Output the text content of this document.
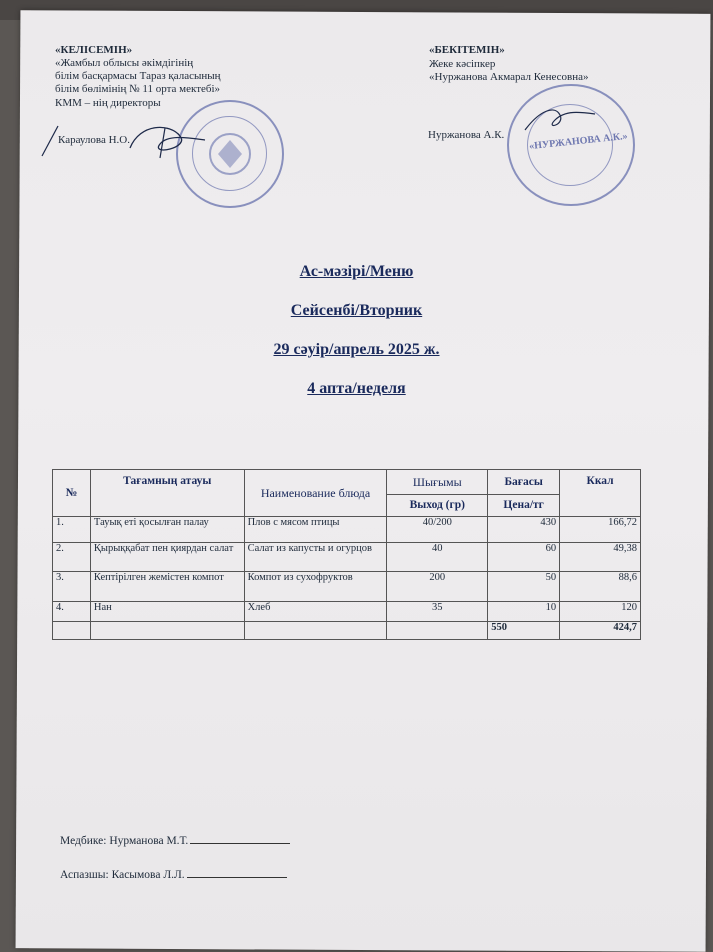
«КЕЛІСЕМІН»
«Жамбыл облысы әкімдігінің
білім басқармасы Тараз қаласының
білім бөлімінің № 11 орта мектебі»
КММ – нің директоры
Караулова Н.О.
«БЕКІТЕМІН»
Жеке кәсіпкер
«Нуржанова Акмарал Кенесовна»
Нуржанова А.К. «НУРЖАНОВА А.К.»
Ас-мәзірі/Меню
Сейсенбі/Вторник
29 сәуір/апрель 2025 ж.
4 апта/неделя
№	Тағамның атауы	Наименование блюда	Шығымы	Бағасы	Ккал
			Выход (гр)	Цена/тг	
1.	Тауық еті қосылған палау	Плов с мясом птицы	40/200	430	166,72
2.	Қырыққабат пен қиярдан салат	Салат из капусты и огурцов	40	60	49,38
3.	Кептірілген жемістен компот	Компот из сухофруктов	200	50	88,6
4.	Нан	Хлеб	35	10	120
				550	424,7
Медбике: Нурманова М.Т.
Аспазшы: Касымова Л.Л.
